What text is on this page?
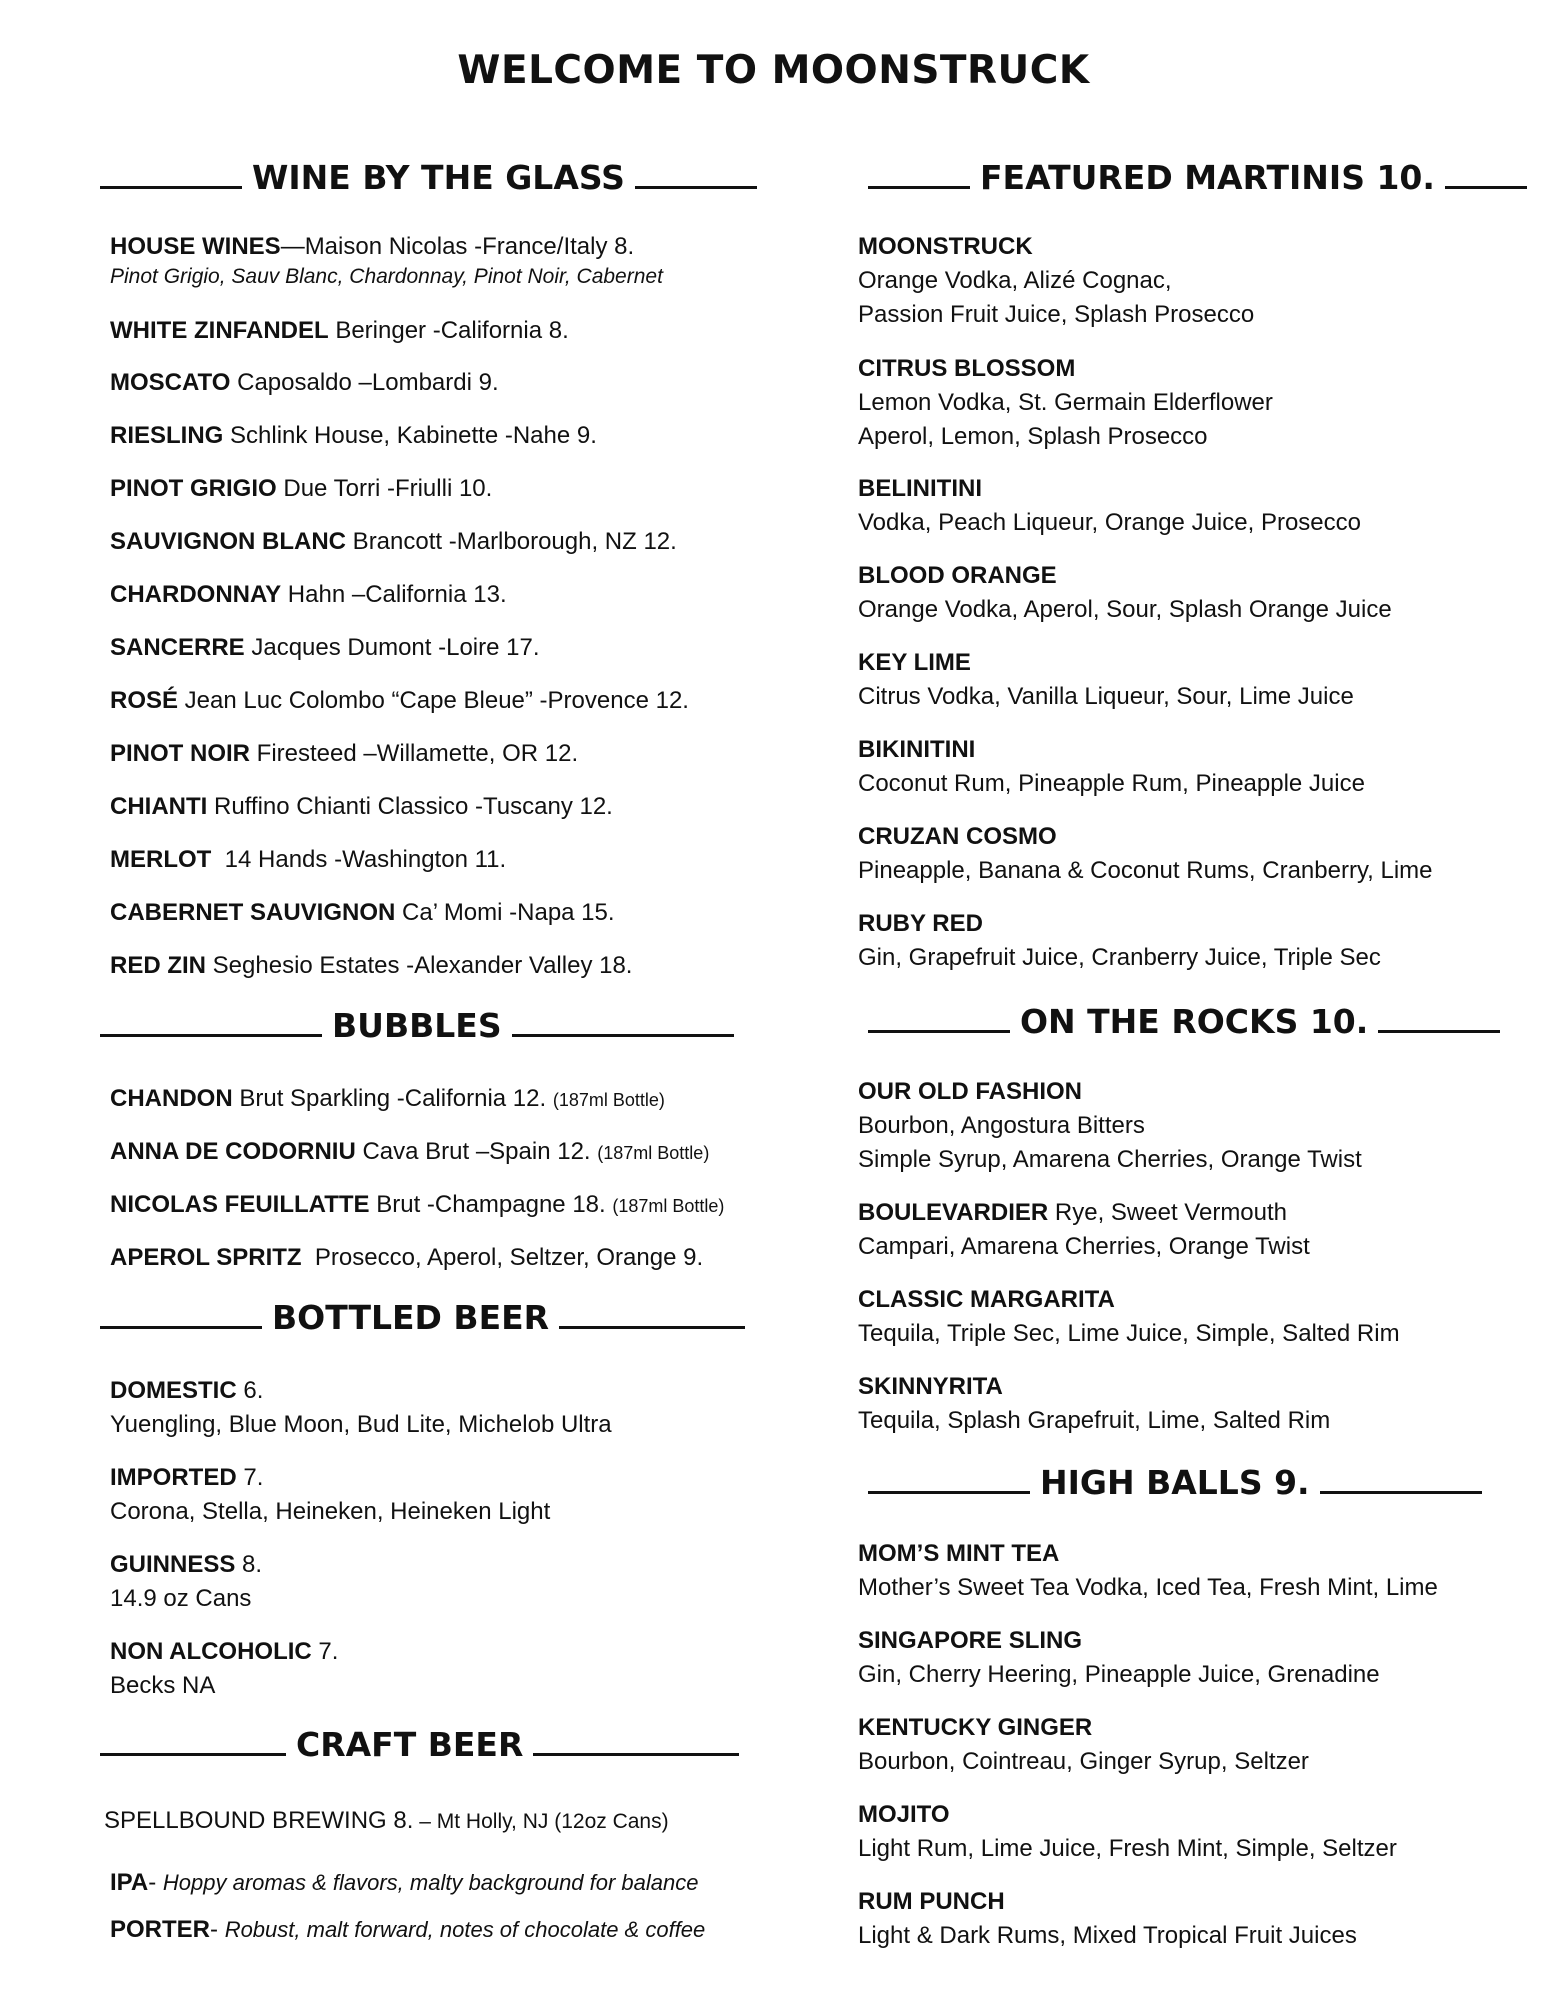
WELCOME TO MOONSTRUCK
WINE BY THE GLASS
HOUSE WINES—Maison Nicolas -France/Italy 8.
Pinot Grigio, Sauv Blanc, Chardonnay, Pinot Noir, Cabernet
WHITE ZINFANDEL Beringer -California 8.
MOSCATO Caposaldo –Lombardi 9.
RIESLING Schlink House, Kabinette -Nahe 9.
PINOT GRIGIO Due Torri -Friulli 10.
SAUVIGNON BLANC Brancott -Marlborough, NZ 12.
CHARDONNAY Hahn –California 13.
SANCERRE Jacques Dumont -Loire 17.
ROSÉ Jean Luc Colombo “Cape Bleue” -Provence 12.
PINOT NOIR Firesteed –Willamette, OR 12.
CHIANTI Ruffino Chianti Classico -Tuscany 12.
MERLOT  14 Hands -Washington 11.
CABERNET SAUVIGNON Ca’ Momi -Napa 15.
RED ZIN Seghesio Estates -Alexander Valley 18.
BUBBLES
CHANDON Brut Sparkling -California 12. (187ml Bottle)
ANNA DE CODORNIU Cava Brut –Spain 12. (187ml Bottle)
NICOLAS FEUILLATTE Brut -Champagne 18. (187ml Bottle)
APEROL SPRITZ  Prosecco, Aperol, Seltzer, Orange 9.
BOTTLED BEER
DOMESTIC 6.
Yuengling, Blue Moon, Bud Lite, Michelob Ultra
IMPORTED 7.
Corona, Stella, Heineken, Heineken Light
GUINNESS 8.
14.9 oz Cans
NON ALCOHOLIC 7.
Becks NA
CRAFT BEER
SPELLBOUND BREWING 8. – Mt Holly, NJ (12oz Cans)
IPA- Hoppy aromas & flavors, malty background for balance
PORTER- Robust, malt forward, notes of chocolate & coffee
FEATURED MARTINIS 10.
MOONSTRUCK
Orange Vodka, Alizé Cognac,
Passion Fruit Juice, Splash Prosecco
CITRUS BLOSSOM
Lemon Vodka, St. Germain Elderflower
Aperol, Lemon, Splash Prosecco
BELINITINI
Vodka, Peach Liqueur, Orange Juice, Prosecco
BLOOD ORANGE
Orange Vodka, Aperol, Sour, Splash Orange Juice
KEY LIME
Citrus Vodka, Vanilla Liqueur, Sour, Lime Juice
BIKINITINI
Coconut Rum, Pineapple Rum, Pineapple Juice
CRUZAN COSMO
Pineapple, Banana & Coconut Rums, Cranberry, Lime
RUBY RED
Gin, Grapefruit Juice, Cranberry Juice, Triple Sec
ON THE ROCKS 10.
OUR OLD FASHION
Bourbon, Angostura Bitters
Simple Syrup, Amarena Cherries, Orange Twist
BOULEVARDIER Rye, Sweet Vermouth
Campari, Amarena Cherries, Orange Twist
CLASSIC MARGARITA
Tequila, Triple Sec, Lime Juice, Simple, Salted Rim
SKINNYRITA
Tequila, Splash Grapefruit, Lime, Salted Rim
HIGH BALLS 9.
MOM’S MINT TEA
Mother’s Sweet Tea Vodka, Iced Tea, Fresh Mint, Lime
SINGAPORE SLING
Gin, Cherry Heering, Pineapple Juice, Grenadine
KENTUCKY GINGER
Bourbon, Cointreau, Ginger Syrup, Seltzer
MOJITO
Light Rum, Lime Juice, Fresh Mint, Simple, Seltzer
RUM PUNCH
Light & Dark Rums, Mixed Tropical Fruit Juices
